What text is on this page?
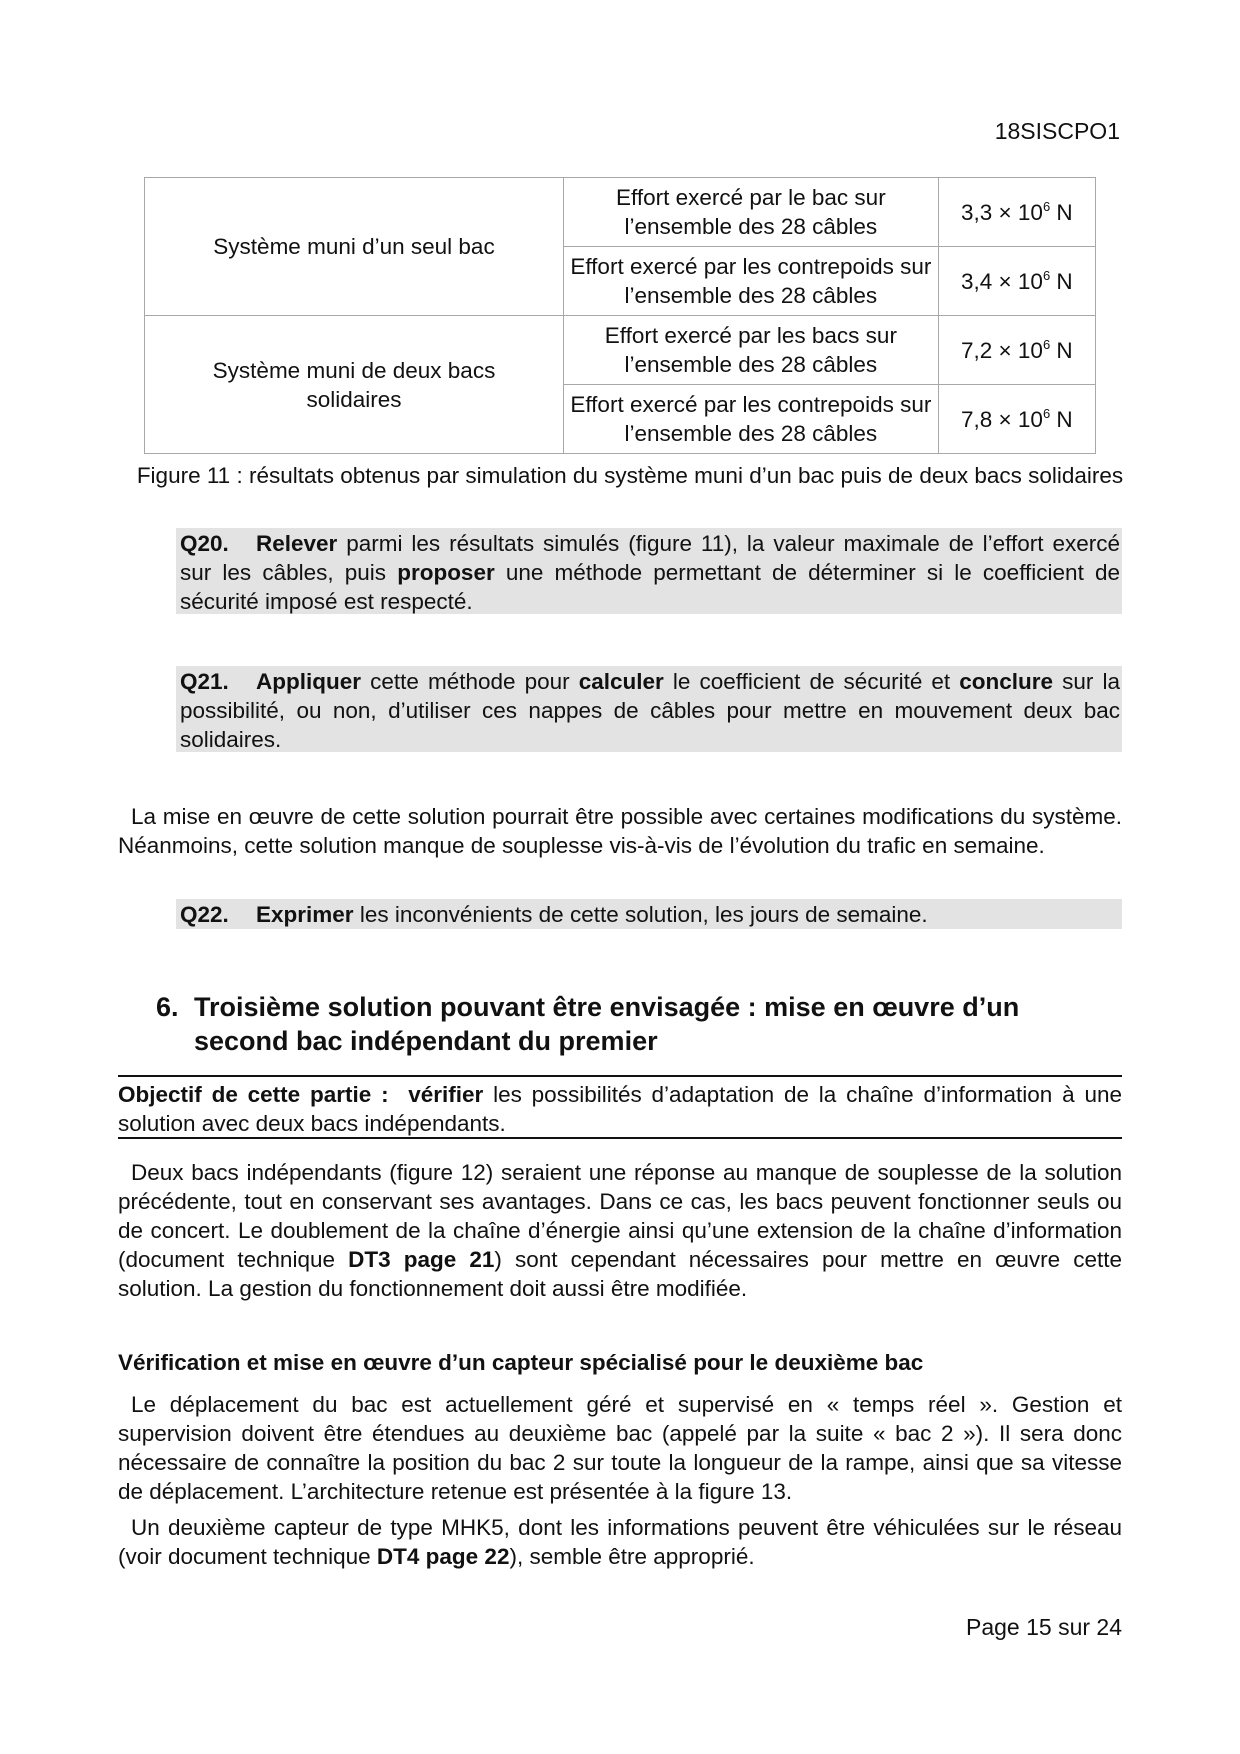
18SISCPO1
Système muni d’un seul bac	Effort exercé par le bac sur l’ensemble des 28 câbles	$3,3 \times 10^6$ N
	Effort exercé par les contrepoids sur l’ensemble des 28 câbles	$3,4 \times 10^6$ N
Système muni de deux bacs solidaires	Effort exercé par les bacs sur l’ensemble des 28 câbles	$7,2 \times 10^6$ N
	Effort exercé par les contrepoids sur l’ensemble des 28 câbles	$7,8 \times 10^6$ N
Figure 11 : résultats obtenus par simulation du système muni d’un bac puis de deux bacs solidaires
Q20. Relever parmi les résultats simulés (figure 11), la valeur maximale de l’effort exercé sur les câbles, puis proposer une méthode permettant de déterminer si le coefficient de sécurité imposé est respecté.
Q21. Appliquer cette méthode pour calculer le coefficient de sécurité et conclure sur la possibilité, ou non, d’utiliser ces nappes de câbles pour mettre en mouvement deux bac solidaires.
La mise en œuvre de cette solution pourrait être possible avec certaines modifications du système. Néanmoins, cette solution manque de souplesse vis-à-vis de l’évolution du trafic en semaine.
Q22. Exprimer les inconvénients de cette solution, les jours de semaine.
6. Troisième solution pouvant être envisagée : mise en œuvre d’un second bac indépendant du premier
Objectif de cette partie : vérifier les possibilités d’adaptation de la chaîne d’information à une solution avec deux bacs indépendants.
Deux bacs indépendants (figure 12) seraient une réponse au manque de souplesse de la solution précédente, tout en conservant ses avantages. Dans ce cas, les bacs peuvent fonctionner seuls ou de concert. Le doublement de la chaîne d’énergie ainsi qu’une extension de la chaîne d’information (document technique DT3 page 21) sont cependant nécessaires pour mettre en œuvre cette solution. La gestion du fonctionnement doit aussi être modifiée.
Vérification et mise en œuvre d’un capteur spécialisé pour le deuxième bac
Le déplacement du bac est actuellement géré et supervisé en « temps réel ». Gestion et supervision doivent être étendues au deuxième bac (appelé par la suite « bac 2 »). Il sera donc nécessaire de connaître la position du bac 2 sur toute la longueur de la rampe, ainsi que sa vitesse de déplacement. L’architecture retenue est présentée à la figure 13.
Un deuxième capteur de type MHK5, dont les informations peuvent être véhiculées sur le réseau (voir document technique DT4 page 22), semble être approprié.
Page 15 sur 24
